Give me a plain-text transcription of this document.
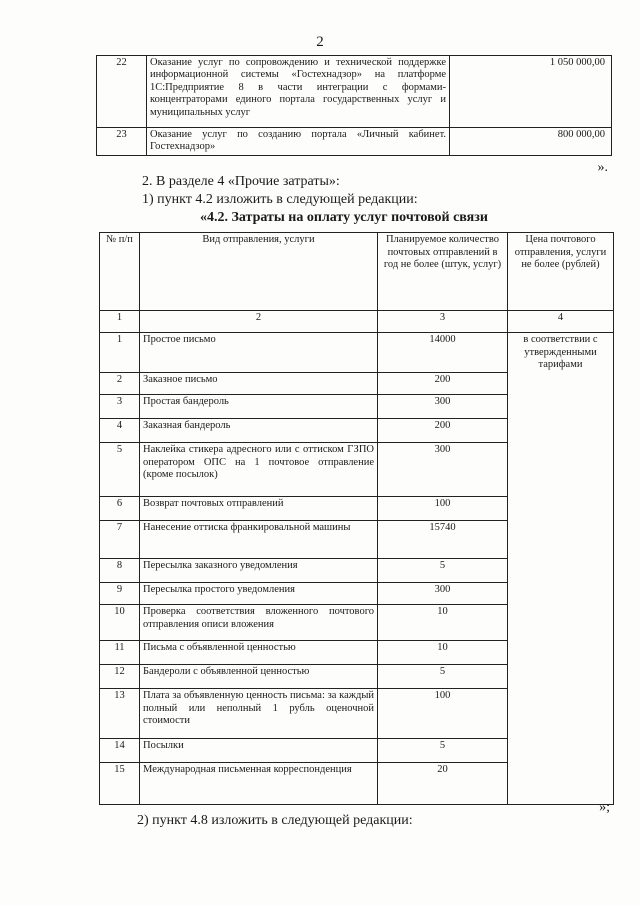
2
22	Оказание услуг по сопровождению и технической поддержке информационной системы «Гостехнадзор» на платформе 1С:Предприятие 8 в части интеграции с формами-концентраторами единого портала государственных услуг и муниципальных услуг	1 050 000,00
23	Оказание услуг по созданию портала «Личный кабинет. Гостехнадзор»	800 000,00
».
2. В разделе 4 «Прочие затраты»:
1) пункт 4.2 изложить в следующей редакции:
«4.2. Затраты на оплату услуг почтовой связи
№ п/п	Вид отправления, услуги	Планируемое количество почтовых отправлений в год не более (штук, услуг)	Цена почтового отправления, услуги не более (рублей)
1	2	3	4
1	Простое письмо	14000	в соответствии с утвержденными тарифами
2	Заказное письмо	200	
3	Простая бандероль	300	
4	Заказная бандероль	200	
5	Наклейка стикера адресного или с оттиском ГЗПО оператором ОПС на 1 почтовое отправление (кроме посылок)	300	
6	Возврат почтовых отправлений	100	
7	Нанесение оттиска франкировальной машины	15740	
8	Пересылка заказного уведомления	5	
9	Пересылка простого уведомления	300	
10	Проверка соответствия вложенного почтового отправления описи вложения	10	
11	Письма с объявленной ценностью	10	
12	Бандероли с объявленной ценностью	5	
13	Плата за объявленную ценность письма: за каждый полный или неполный 1 рубль оценочной стоимости	100	
14	Посылки	5	
15	Международная письменная корреспонденция	20	
»;
2) пункт 4.8 изложить в следующей редакции:
